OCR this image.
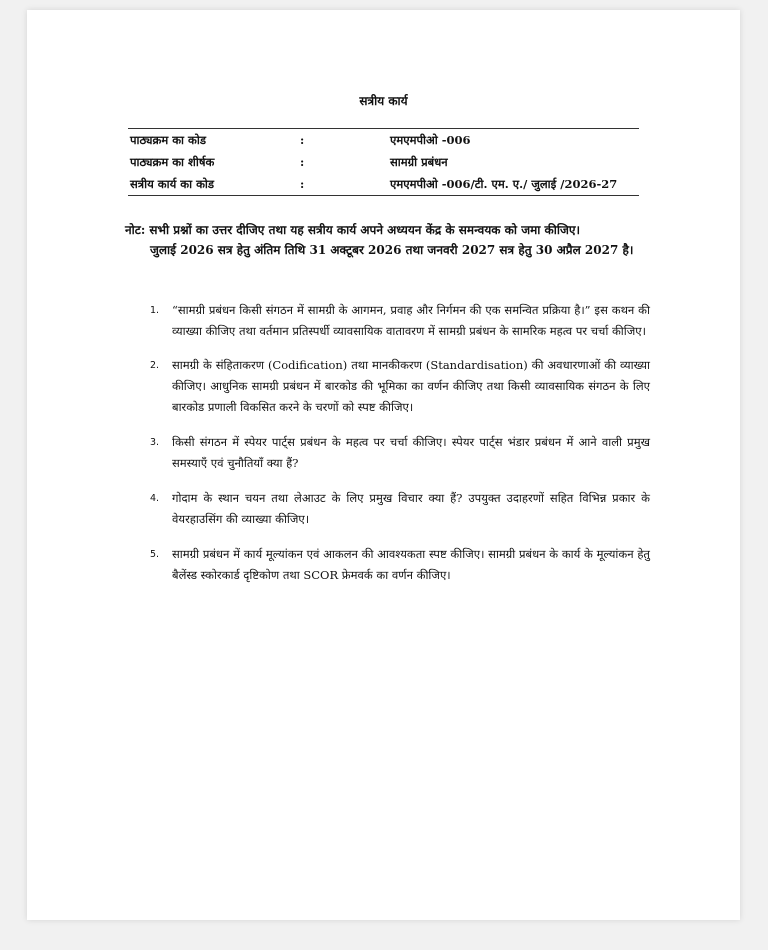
सत्रीय कार्य
पाठ्यक्रम का कोड	:	एमएमपीओ -006
पाठ्यक्रम का शीर्षक	:	सामग्री प्रबंधन
सत्रीय कार्य का कोड	:	एमएमपीओ -006/टी. एम. ए./ जुलाई /2026-27
नोट: सभी प्रश्नों का उत्तर दीजिए तथा यह सत्रीय कार्य अपने अध्ययन केंद्र के समन्वयक को जमा कीजिए।
जुलाई 2026 सत्र हेतु अंतिम तिथि 31 अक्टूबर 2026 तथा जनवरी 2027 सत्र हेतु 30 अप्रैल 2027 है।
1.	“सामग्री प्रबंधन किसी संगठन में सामग्री के आगमन, प्रवाह और निर्गमन की एक समन्वित प्रक्रिया है।” इस कथन की व्याख्या कीजिए तथा वर्तमान प्रतिस्पर्धी व्यावसायिक वातावरण में सामग्री प्रबंधन के सामरिक महत्व पर चर्चा कीजिए।
2.	सामग्री के संहिताकरण (Codification) तथा मानकीकरण (Standardisation) की अवधारणाओं की व्याख्या कीजिए। आधुनिक सामग्री प्रबंधन में बारकोड की भूमिका का वर्णन कीजिए तथा किसी व्यावसायिक संगठन के लिए बारकोड प्रणाली विकसित करने के चरणों को स्पष्ट कीजिए।
3.	किसी संगठन में स्पेयर पार्ट्स प्रबंधन के महत्व पर चर्चा कीजिए। स्पेयर पार्ट्स भंडार प्रबंधन में आने वाली प्रमुख समस्याएँ एवं चुनौतियाँ क्या हैं?
4.	गोदाम के स्थान चयन तथा लेआउट के लिए प्रमुख विचार क्या हैं? उपयुक्त उदाहरणों सहित विभिन्न प्रकार के वेयरहाउसिंग की व्याख्या कीजिए।
5.	सामग्री प्रबंधन में कार्य मूल्यांकन एवं आकलन की आवश्यकता स्पष्ट कीजिए। सामग्री प्रबंधन के कार्य के मूल्यांकन हेतु बैलेंस्ड स्कोरकार्ड दृष्टिकोण तथा SCOR फ्रेमवर्क का वर्णन कीजिए।
